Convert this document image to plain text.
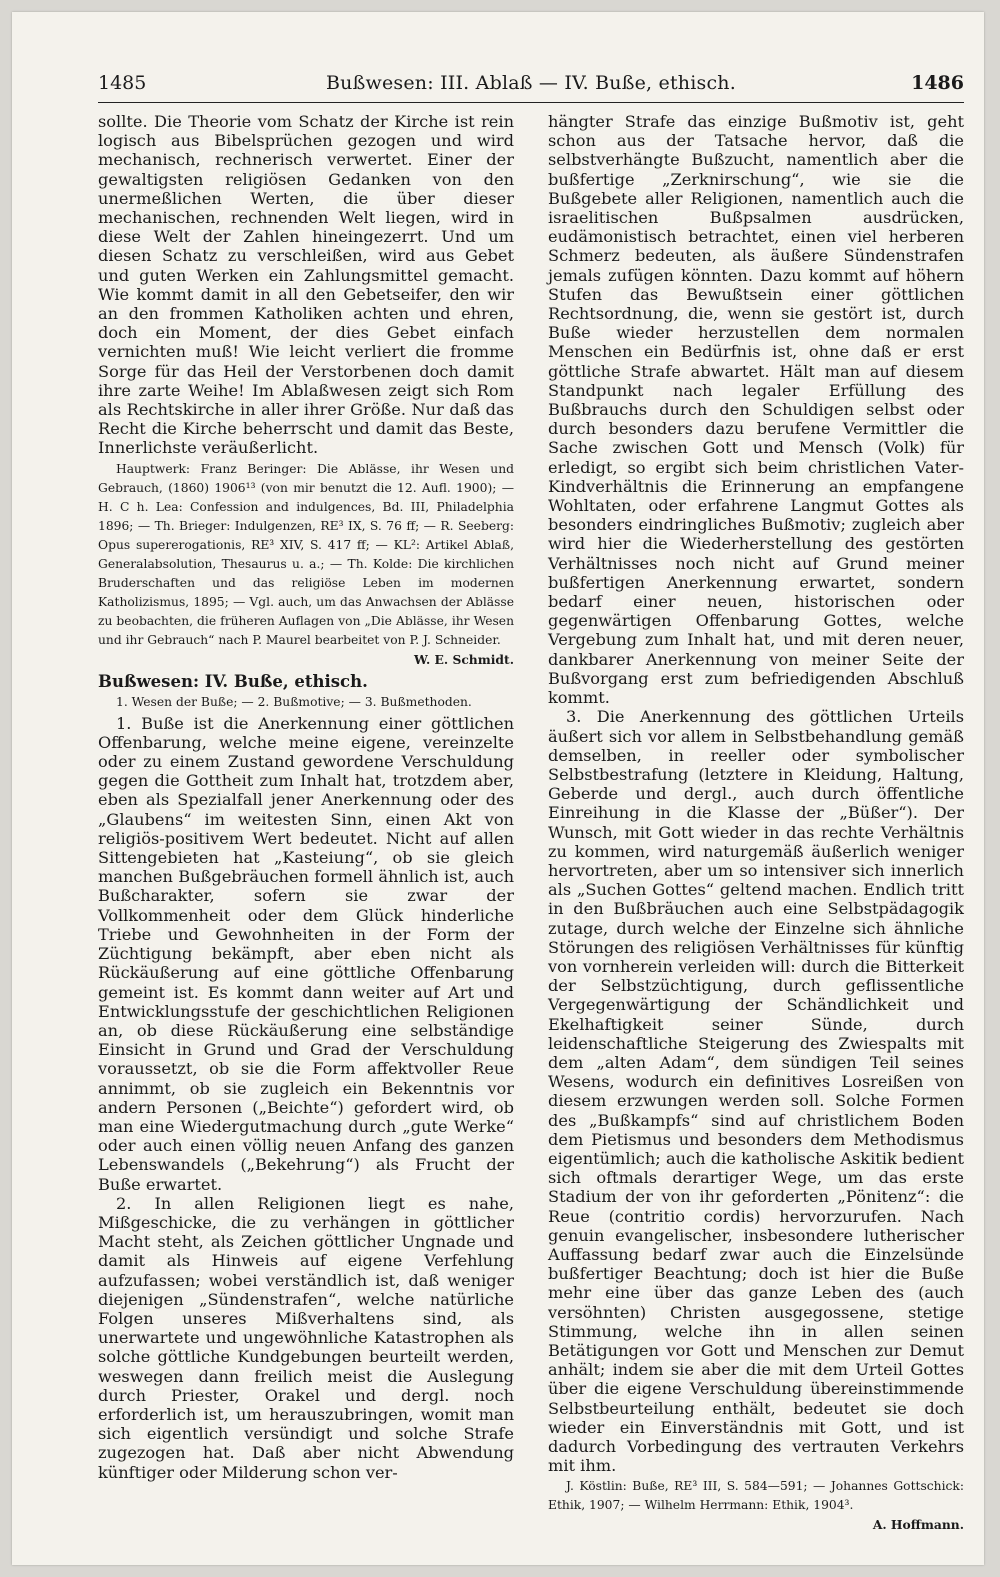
1485	Bußwesen: III. Ablaß — IV. Buße, ethisch.	1486

sollte. Die Theorie vom Schatz der Kirche ist rein logisch aus Bibelsprüchen gezogen und wird mechanisch, rechnerisch verwertet. Einer der gewaltigsten religiösen Gedanken von den unermeßlichen Werten, die über dieser mechanischen, rechnenden Welt liegen, wird in diese Welt der Zahlen hineingezerrt. Und um diesen Schatz zu verschleißen, wird aus Gebet und guten Werken ein Zahlungsmittel gemacht. Wie kommt damit in all den Gebetseifer, den wir an den frommen Katholiken achten und ehren, doch ein Moment, der dies Gebet einfach vernichten muß! Wie leicht verliert die fromme Sorge für das Heil der Verstorbenen doch damit ihre zarte Weihe! Im Ablaßwesen zeigt sich Rom als Rechtskirche in aller ihrer Größe. Nur daß das Recht die Kirche beherrscht und damit das Beste, Innerlichste veräußerlicht.

Hauptwerk: Franz Beringer: Die Ablässe, ihr Wesen und Gebrauch, (1860) 1906¹³ (von mir benutzt die 12. Aufl. 1900); — H. C h. Lea: Confession and indulgences, Bd. III, Philadelphia 1896; — Th. Brieger: Indulgenzen, RE³ IX, S. 76 ff; — R. Seeberg: Opus supererogationis, RE³ XIV, S. 417 ff; — KL²: Artikel Ablaß, Generalabsolution, Thesaurus u. a.; — Th. Kolde: Die kirchlichen Bruderschaften und das religiöse Leben im modernen Katholizismus, 1895; — Vgl. auch, um das Anwachsen der Ablässe zu beobachten, die früheren Auflagen von „Die Ablässe, ihr Wesen und ihr Gebrauch“ nach P. Maurel bearbeitet von P. J. Schneider.

W. E. Schmidt.

Bußwesen: IV. Buße, ethisch.

1. Wesen der Buße; — 2. Bußmotive; — 3. Bußmethoden.

1. Buße ist die Anerkennung einer göttlichen Offenbarung, welche meine eigene, vereinzelte oder zu einem Zustand gewordene Verschuldung gegen die Gottheit zum Inhalt hat, trotzdem aber, eben als Spezialfall jener Anerkennung oder des „Glaubens“ im weitesten Sinn, einen Akt von religiös-positivem Wert bedeutet. Nicht auf allen Sittengebieten hat „Kasteiung“, ob sie gleich manchen Bußgebräuchen formell ähnlich ist, auch Bußcharakter, sofern sie zwar der Vollkommenheit oder dem Glück hinderliche Triebe und Gewohnheiten in der Form der Züchtigung bekämpft, aber eben nicht als Rückäußerung auf eine göttliche Offenbarung gemeint ist. Es kommt dann weiter auf Art und Entwicklungsstufe der geschichtlichen Religionen an, ob diese Rückäußerung eine selbständige Einsicht in Grund und Grad der Verschuldung voraussetzt, ob sie die Form affektvoller Reue annimmt, ob sie zugleich ein Bekenntnis vor andern Personen („Beichte“) gefordert wird, ob man eine Wiedergutmachung durch „gute Werke“ oder auch einen völlig neuen Anfang des ganzen Lebenswandels („Bekehrung“) als Frucht der Buße erwartet.

2. In allen Religionen liegt es nahe, Mißgeschicke, die zu verhängen in göttlicher Macht steht, als Zeichen göttlicher Ungnade und damit als Hinweis auf eigene Verfehlung aufzufassen; wobei verständlich ist, daß weniger diejenigen „Sündenstrafen“, welche natürliche Folgen unseres Mißverhaltens sind, als unerwartete und ungewöhnliche Katastrophen als solche göttliche Kundgebungen beurteilt werden, weswegen dann freilich meist die Auslegung durch Priester, Orakel und dergl. noch erforderlich ist, um herauszubringen, womit man sich eigentlich versündigt und solche Strafe zugezogen hat. Daß aber nicht Abwendung künftiger oder Milderung schon ver-

hängter Strafe das einzige Bußmotiv ist, geht schon aus der Tatsache hervor, daß die selbstverhängte Bußzucht, namentlich aber die bußfertige „Zerknirschung“, wie sie die Bußgebete aller Religionen, namentlich auch die israelitischen Bußpsalmen ausdrücken, eudämonistisch betrachtet, einen viel herberen Schmerz bedeuten, als äußere Sündenstrafen jemals zufügen könnten. Dazu kommt auf höhern Stufen das Bewußtsein einer göttlichen Rechtsordnung, die, wenn sie gestört ist, durch Buße wieder herzustellen dem normalen Menschen ein Bedürfnis ist, ohne daß er erst göttliche Strafe abwartet. Hält man auf diesem Standpunkt nach legaler Erfüllung des Bußbrauchs durch den Schuldigen selbst oder durch besonders dazu berufene Vermittler die Sache zwischen Gott und Mensch (Volk) für erledigt, so ergibt sich beim christlichen Vater-Kindverhältnis die Erinnerung an empfangene Wohltaten, oder erfahrene Langmut Gottes als besonders eindringliches Bußmotiv; zugleich aber wird hier die Wiederherstellung des gestörten Verhältnisses noch nicht auf Grund meiner bußfertigen Anerkennung erwartet, sondern bedarf einer neuen, historischen oder gegenwärtigen Offenbarung Gottes, welche Vergebung zum Inhalt hat, und mit deren neuer, dankbarer Anerkennung von meiner Seite der Bußvorgang erst zum befriedigenden Abschluß kommt.

3. Die Anerkennung des göttlichen Urteils äußert sich vor allem in Selbstbehandlung gemäß demselben, in reeller oder symbolischer Selbstbestrafung (letztere in Kleidung, Haltung, Geberde und dergl., auch durch öffentliche Einreihung in die Klasse der „Büßer“). Der Wunsch, mit Gott wieder in das rechte Verhältnis zu kommen, wird naturgemäß äußerlich weniger hervortreten, aber um so intensiver sich innerlich als „Suchen Gottes“ geltend machen. Endlich tritt in den Bußbräuchen auch eine Selbstpädagogik zutage, durch welche der Einzelne sich ähnliche Störungen des religiösen Verhältnisses für künftig von vornherein verleiden will: durch die Bitterkeit der Selbstzüchtigung, durch geflissentliche Vergegenwärtigung der Schändlichkeit und Ekelhaftigkeit seiner Sünde, durch leidenschaftliche Steigerung des Zwiespalts mit dem „alten Adam“, dem sündigen Teil seines Wesens, wodurch ein definitives Losreißen von diesem erzwungen werden soll. Solche Formen des „Bußkampfs“ sind auf christlichem Boden dem Pietismus und besonders dem Methodismus eigentümlich; auch die katholische Askitik bedient sich oftmals derartiger Wege, um das erste Stadium der von ihr geforderten „Pönitenz“: die Reue (contritio cordis) hervorzurufen. Nach genuin evangelischer, insbesondere lutherischer Auffassung bedarf zwar auch die Einzelsünde bußfertiger Beachtung; doch ist hier die Buße mehr eine über das ganze Leben des (auch versöhnten) Christen ausgegossene, stetige Stimmung, welche ihn in allen seinen Betätigungen vor Gott und Menschen zur Demut anhält; indem sie aber die mit dem Urteil Gottes über die eigene Verschuldung übereinstimmende Selbstbeurteilung enthält, bedeutet sie doch wieder ein Einverständnis mit Gott, und ist dadurch Vorbedingung des vertrauten Verkehrs mit ihm.

J. Köstlin: Buße, RE³ III, S. 584—591; — Johannes Gottschick: Ethik, 1907; — Wilhelm Herrmann: Ethik, 1904³.

A. Hoffmann.
